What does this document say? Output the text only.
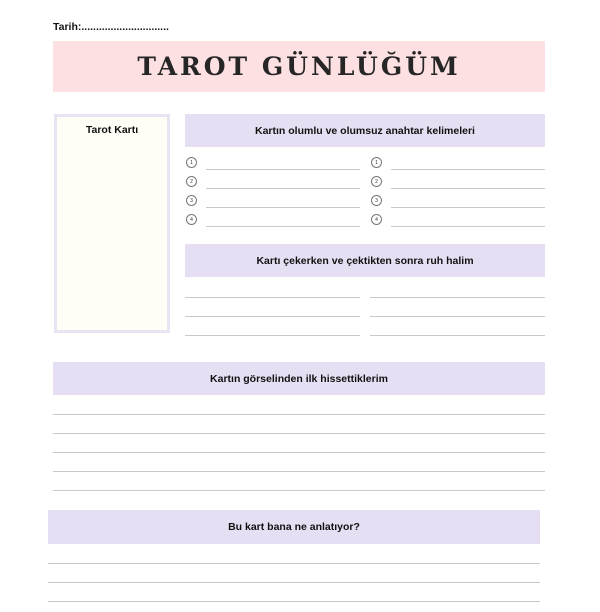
Tarih:..............................
TAROT GÜNLÜĞÜM
Tarot Kartı	Kartın olumlu ve olumsuz anahtar kelimeleri
1
2
3
4
1
2
3
4
Kartı çekerken ve çektikten sonra ruh halim
Kartın görselinden ilk hissettiklerim
Bu kart bana ne anlatıyor?
